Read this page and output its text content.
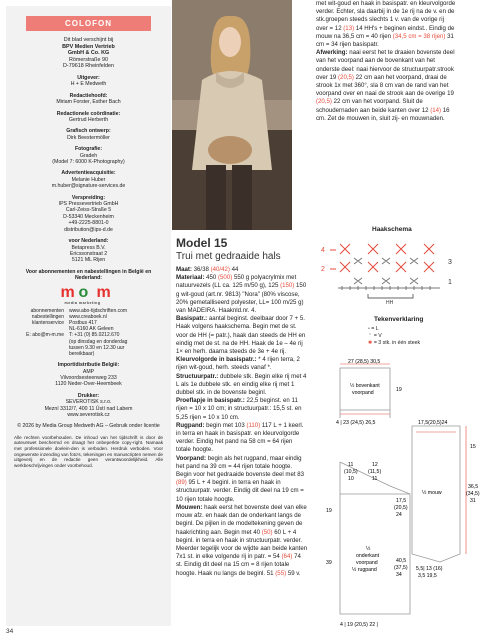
COLOFON
Dit blad verschijnt bij
BPV Medien Vertrieb
GmbH & Co. KG
Römerstraße 90
D-79618 Rheinfelden
Uitgever:
H + E Medweth
Redactiehoofd:
Miriam Forster, Esther Bach
Redactionele coördinatie:
Gertrud Herberth
Grafisch ontwerp:
Dirk Beestermöller
Fotografie:
Gradeh
(Model 7: 6000 K-Photography)
Advertentieacquisitie:
Melanie Huber
m.huber@signature-services.de
Verspreiding:
IPS Pressevertrieb GmbH
Carl-Zeiss-Straße 5
D-53340 Meckenheim
+49-2225-8801-0
distribution@ips-d.de
voor Nederland:
Betapress B.V.
Ericssonstraat 2
5121 ML Rijen
Voor abonnementen en nabestellingen in België en Nederland:
m o m
media marketing
abonnementen	www.abo-tijdschriften.com
nabestellingen	www.creaboek.nl
klantenservice	Postbus 417
NL-6160 AK Geleen
E: abo@m-m.me	T: +31 (0) 85.0212.670
(op dinsdag en donderdag
tussen 9.30 en 12.30 uur
bereikbaar)
Import/distributie België:
AMP
Vilvoordsesteenweg 233
1120 Neder-Over-Heembeek
Drukker:
SEVEROTISK s.r.o.
Mezní 3312/7, 400 11 Ústí nad Labem
www.severotisk.cz
© 2026 by Media Group Medweth AG – Gebruik onder licentie
Alle rechten voorbehouden. De inhoud van het tijdschrift is door de auteurswet beschermd en draagt het onbeperkte copy-right. Namaak met professionele doelein-den is verboden. Herdruk verboden. Voor ongewenste inzending van foto's, tekeningen en manuscripten nemen de uitgeverij en de redactie geen verantwoordelijkheid. Alle werkbeschrijvingen onder voorbehoud.
Model 15
Trui met gedraaide hals
Maat: 36/38 (40/42) 44
Materiaal: 450 (500) 550 g polyacrylmix met natuurvezels (LL ca. 125 m/50 g), 125 (150) 150 g wit-goud (art.nr. 9813) "Nora" (80% viscose, 20% gemetalliseerd polyester, LL= 100 m/25 g) van MADEIRA. Haaknld.nr. 4.
Basispatr.: aantal beginst. deelbaar door 7 + 5. Haak volgens haakschema. Begin met de st. voor de HH (= patr.), haak dan steeds de HH en eindig met de st. na de HH. Haak de 1e – 4e rij 1× en herh. daarna steeds de 3e + 4e rij.
Kleurvolgorde in basispatr.: * 4 rijen terra, 2 rijen wit-goud, herh. steeds vanaf *.
Structuurpatr.: dubbele stk. Begin elke rij met 4 L als 1e dubbele stk. en eindig elke rij met 1 dubbel stk. in de bovenste beginl.
Proeflapje in basispatr.: 22,5 beginst. en 11 rijen = 10 x 10 cm; in structuurpatr.: 15,5 st. en 5,25 rijen = 10 x 10 cm.
Rugpand: begin met 103 (110) 117 L + 1 keerl. in terra en haak in basispatr. en kleurvolgorde verder. Eindig het pand na 58 cm = 64 rijen totale hoogte.
Voorpand: begin als het rugpand, maar eindig het pand na 39 cm = 44 rijen totale hoogte. Begin voor het gedraaide bovenste deel met 83 (89) 95 L + 4 beginl. in terra en haak in structuurpatr. verder. Eindig dit deel na 19 cm = 10 rijen totale hoogte.
Mouwen: haak eerst het bovenste deel van elke mouw afz. en haak dan de onderkant langs de beginl. De pijlen in de modeltekening geven de haakrichting aan. Begin met 40 (50) 60 L + 4 beginl. in terra en haak in structuurpatr. verder. Meerder tegelijk voor de wijdte aan beide kanten 7x1 st. in elke volgende rij in patr. = 54 (64) 74 st. Eindig dit deel na 15 cm = 8 rijen totale hoogte. Haak nu langs de beginl. 51 (55) 59 v.
met wit-goud en haak in basispatr. en kleurvolgorde verder. Echter, sla daarbij in de 1e rij na de v. en de stk.groepen steeds slechts 1 v. van de vorige rij over = 12 (13) 14 HH's + beginen eindst.. Eindig de mouw na 36,5 cm = 40 rijen (34,5 cm = 38 rijen) 31 cm = 34 rijen basispatr.
Afwerking: naai eerst het te draaien bovenste deel van het voorpand aan de bovenkant van het onderste deel: naai hiervoor de structuurpatr.strook over 19 (20,5) 22 cm aan het voorpand, draai de strook 1x met 360°, sla 8 cm van de rand van het voorpand over en naai de strook aan de overige 19 (20,5) 22 cm van het voorpand. Sluit de schoudernaden aan beide kanten over 12 (14) 16 cm. Zet de mouwen in, sluit zij- en mouwnaden.
Haakschema
4
2
3
1
HH
Tekenverklaring
• = L
⌃ = V
✱ = 3 stk. in één steek
27 (28,5) 30,5
½ bovenkant
voorpand	19
4 | 23 (24,5) 26,5	17,5(20,5)24
15
½ mouw
36,5
(34,5)
31
5,5| 13 (16)
3,5 19,5
11
(10,5)
10
12
(11,5)
11
17,5
(20,5)
24
40,5
(37,5)
34
19
39
½
onderkant
voorpand
½ rugpand
4 | 19 (20,5) 22 |
34
